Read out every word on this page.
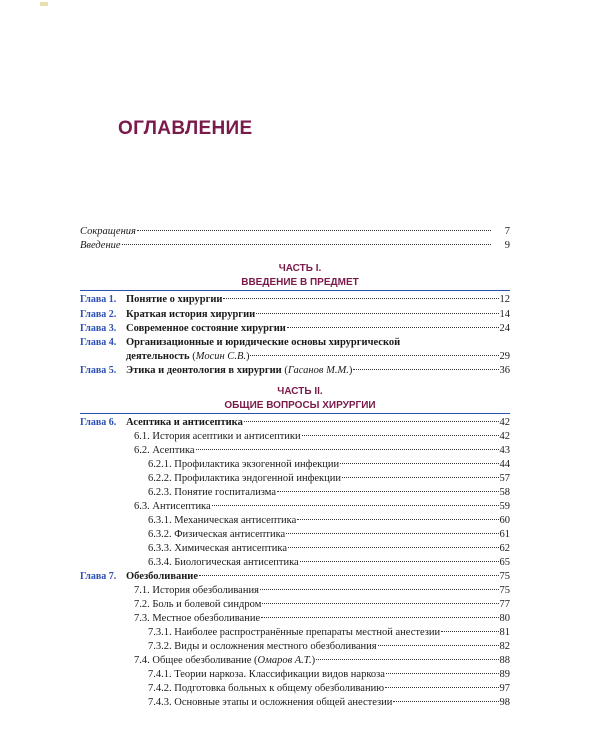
ОГЛАВЛЕНИЕ
Сокращения	7
Введение	9
ЧАСТЬ I.
ВВЕДЕНИЕ В ПРЕДМЕТ
Глава 1. Понятие о хирургии	12
Глава 2. Краткая история хирургии	14
Глава 3. Современное состояние хирургии	24
Глава 4. Организационные и юридические основы хирургической
деятельность ( Мосин С.В. )	29
Глава 5. Этика и деонтология в хирургии ( Гасанов М.М. )	36
ЧАСТЬ II.
ОБЩИЕ ВОПРОСЫ ХИРУРГИИ
Глава 6. Асептика и антисептика	42
6.1. История асептики и антисептики	42
6.2. Асептика	43
6.2.1. Профилактика экзогенной инфекции	44
6.2.2. Профилактика эндогенной инфекции	57
6.2.3. Понятие госпитализма	58
6.3. Антисептика	59
6.3.1. Механическая антисептика	60
6.3.2. Физическая антисептика	61
6.3.3. Химическая антисептика	62
6.3.4. Биологическая антисептика	65
Глава 7. Обезболивание	75
7.1. История обезболивания	75
7.2. Боль и болевой синдром	77
7.3. Местное обезболивание	80
7.3.1. Наиболее распространённые препараты местной анестезии	81
7.3.2. Виды и осложнения местного обезболивания	82
7.4. Общее обезболивание ( Омаров А.Т. )	88
7.4.1. Теории наркоза. Классификации видов наркоза	89
7.4.2. Подготовка больных к общему обезболиванию	97
7.4.3. Основные этапы и осложнения общей анестезии	98
